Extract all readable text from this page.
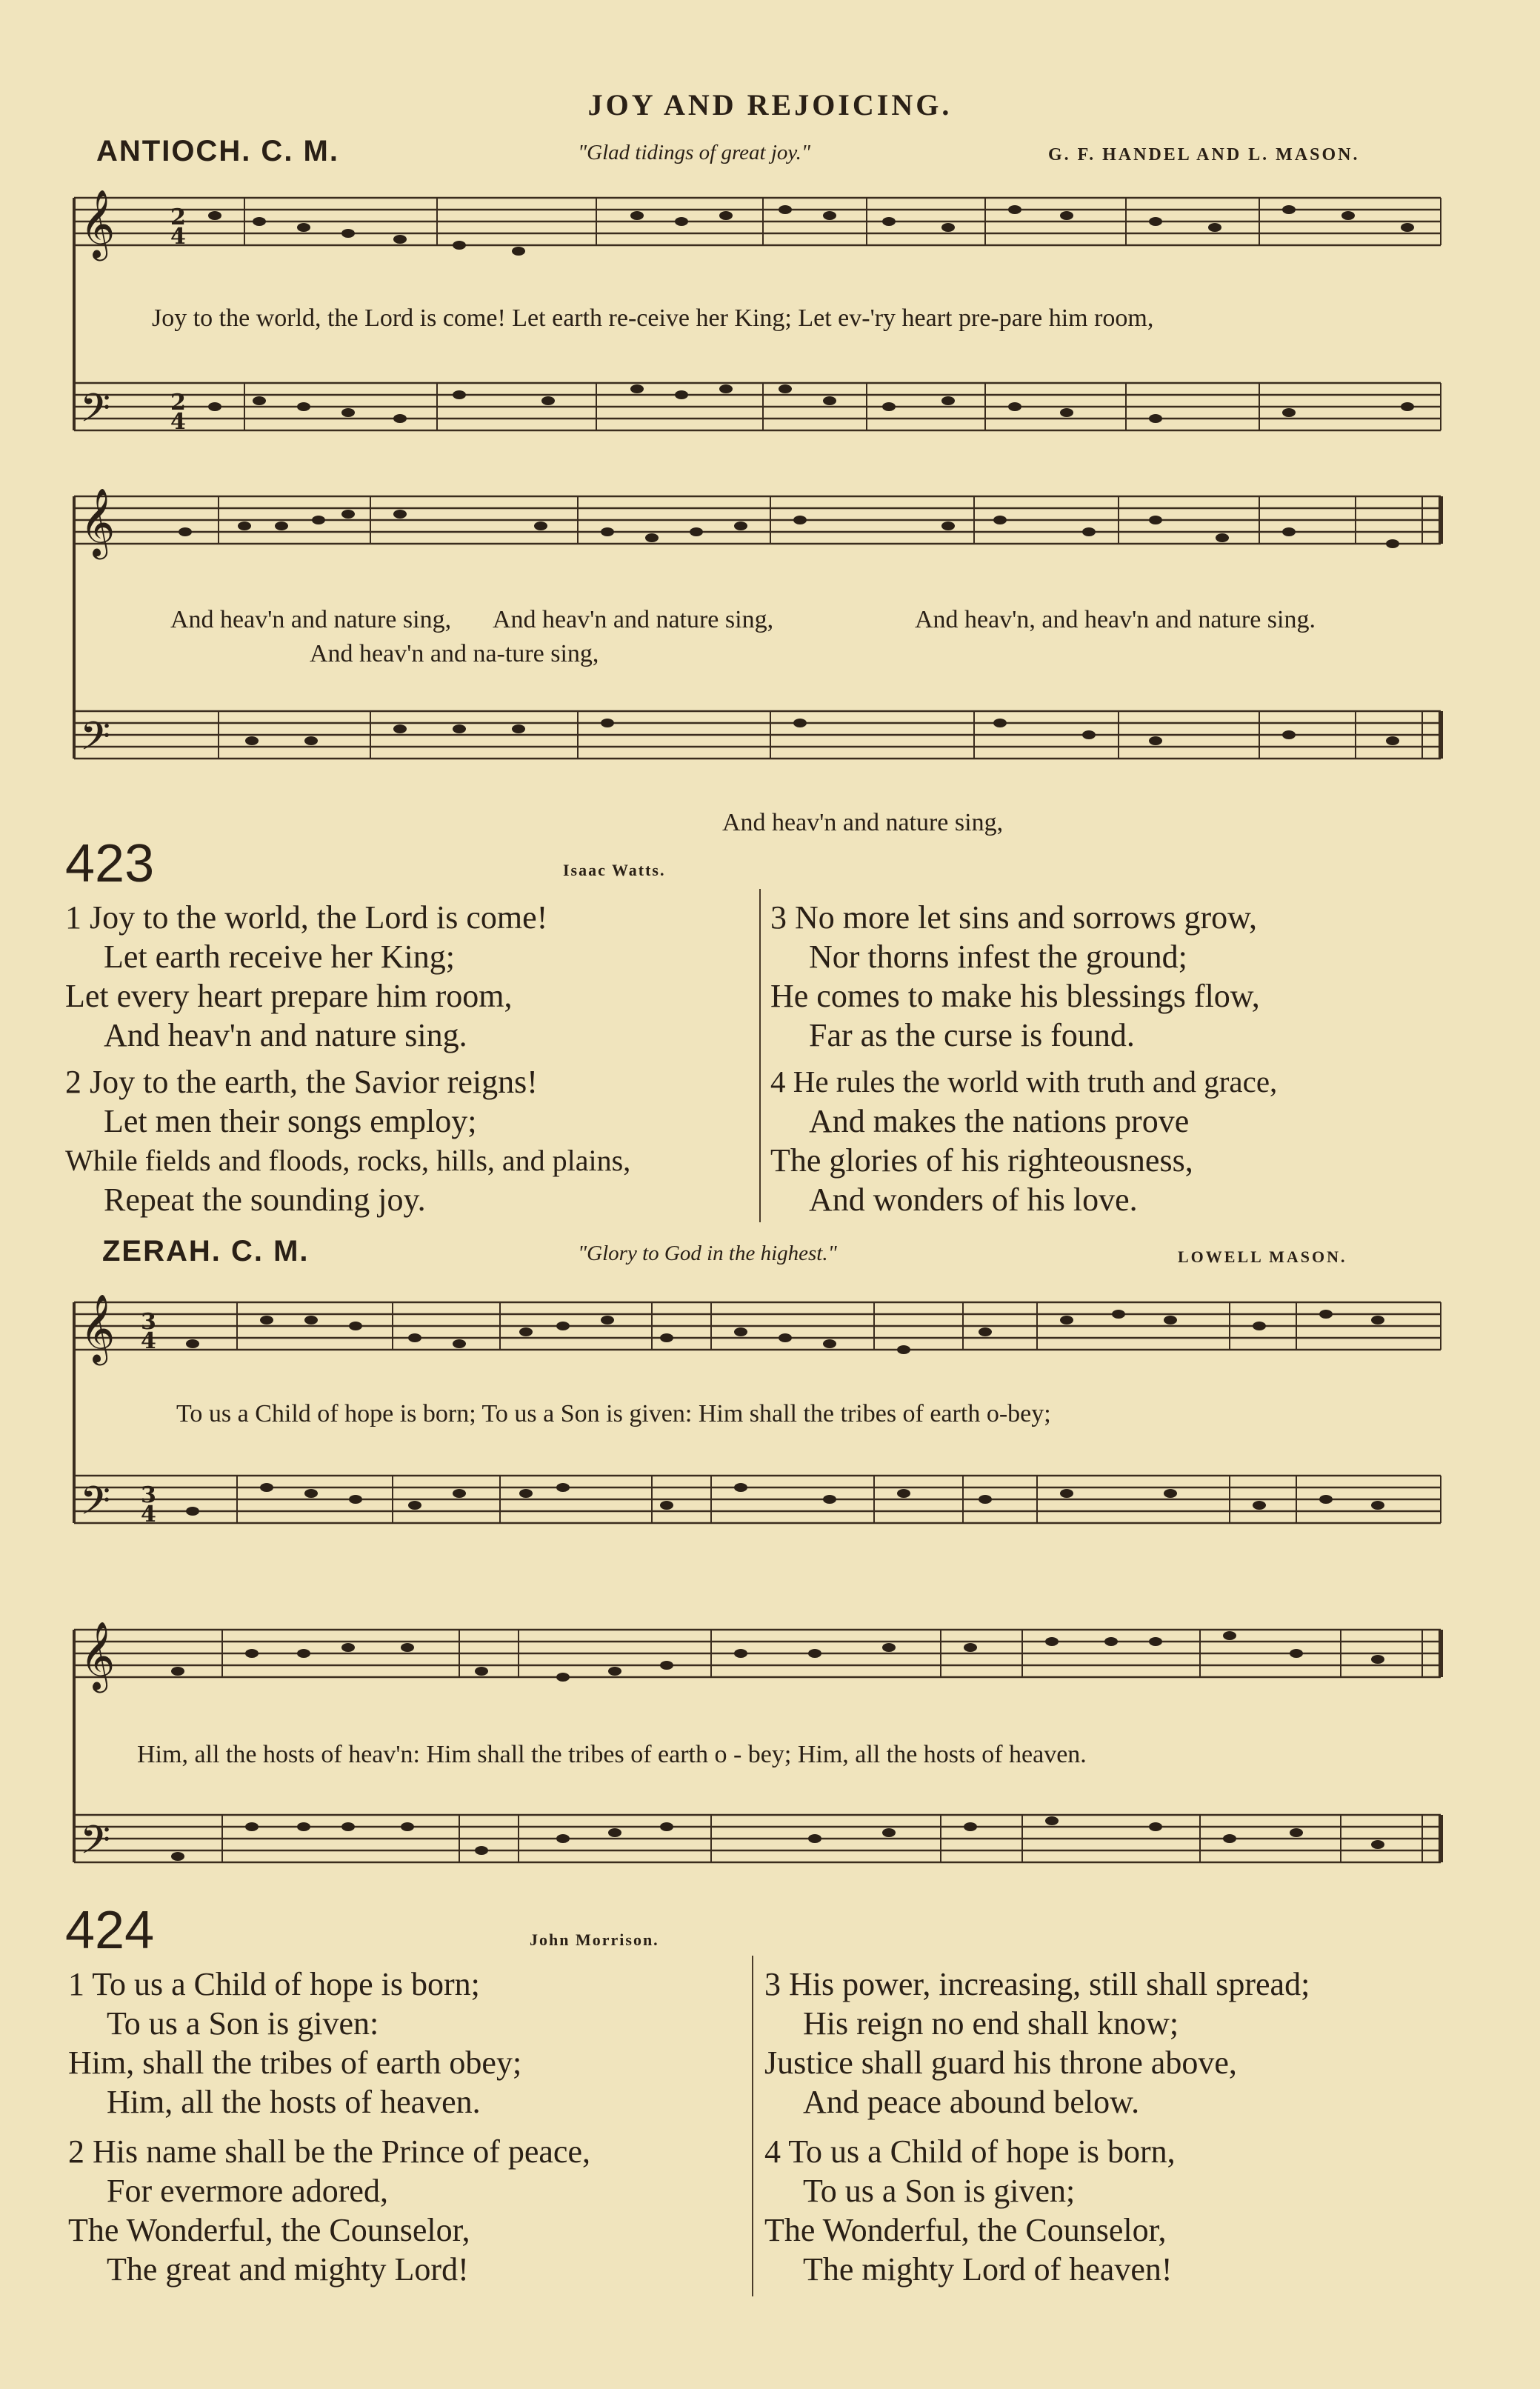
JOY AND REJOICING.
ANTIOCH. C. M.	"Glad tidings of great joy."	G. F. HANDEL AND L. MASON.
𝄞 2
4
𝄢	2
4
Joy to the world, the Lord is come! Let earth re-ceive her King; Let ev-'ry heart pre-pare him room,
𝄞
𝄢
And heav'n and nature sing, And heav'n and nature sing,	And heav'n, and heav'n and nature sing.
And heav'n and na-ture sing,
And heav'n and nature sing,
423	Isaac Watts.
1 Joy to the world, the Lord is come!
Let earth receive her King;
Let every heart prepare him room,
And heav'n and nature sing.
2 Joy to the earth, the Savior reigns!
Let men their songs employ;
While fields and floods, rocks, hills, and plains,
Repeat the sounding joy.
3 No more let sins and sorrows grow,
Nor thorns infest the ground;
He comes to make his blessings flow,
Far as the curse is found.
4 He rules the world with truth and grace,
And makes the nations prove
The glories of his righteousness,
And wonders of his love.
ZERAH. C. M.	"Glory to God in the highest."	LOWELL MASON.
𝄞 3
4
𝄢 3
4
To us a Child of hope is born; To us a Son is given: Him shall the tribes of earth o-bey;
𝄞
𝄢
Him, all the hosts of heav'n: Him shall the tribes of earth o - bey; Him, all the hosts of heaven.
424	John Morrison.
1 To us a Child of hope is born;
To us a Son is given:
Him, shall the tribes of earth obey;
Him, all the hosts of heaven.
2 His name shall be the Prince of peace,
For evermore adored,
The Wonderful, the Counselor,
The great and mighty Lord!
3 His power, increasing, still shall spread;
His reign no end shall know;
Justice shall guard his throne above,
And peace abound below.
4 To us a Child of hope is born,
To us a Son is given;
The Wonderful, the Counselor,
The mighty Lord of heaven!
